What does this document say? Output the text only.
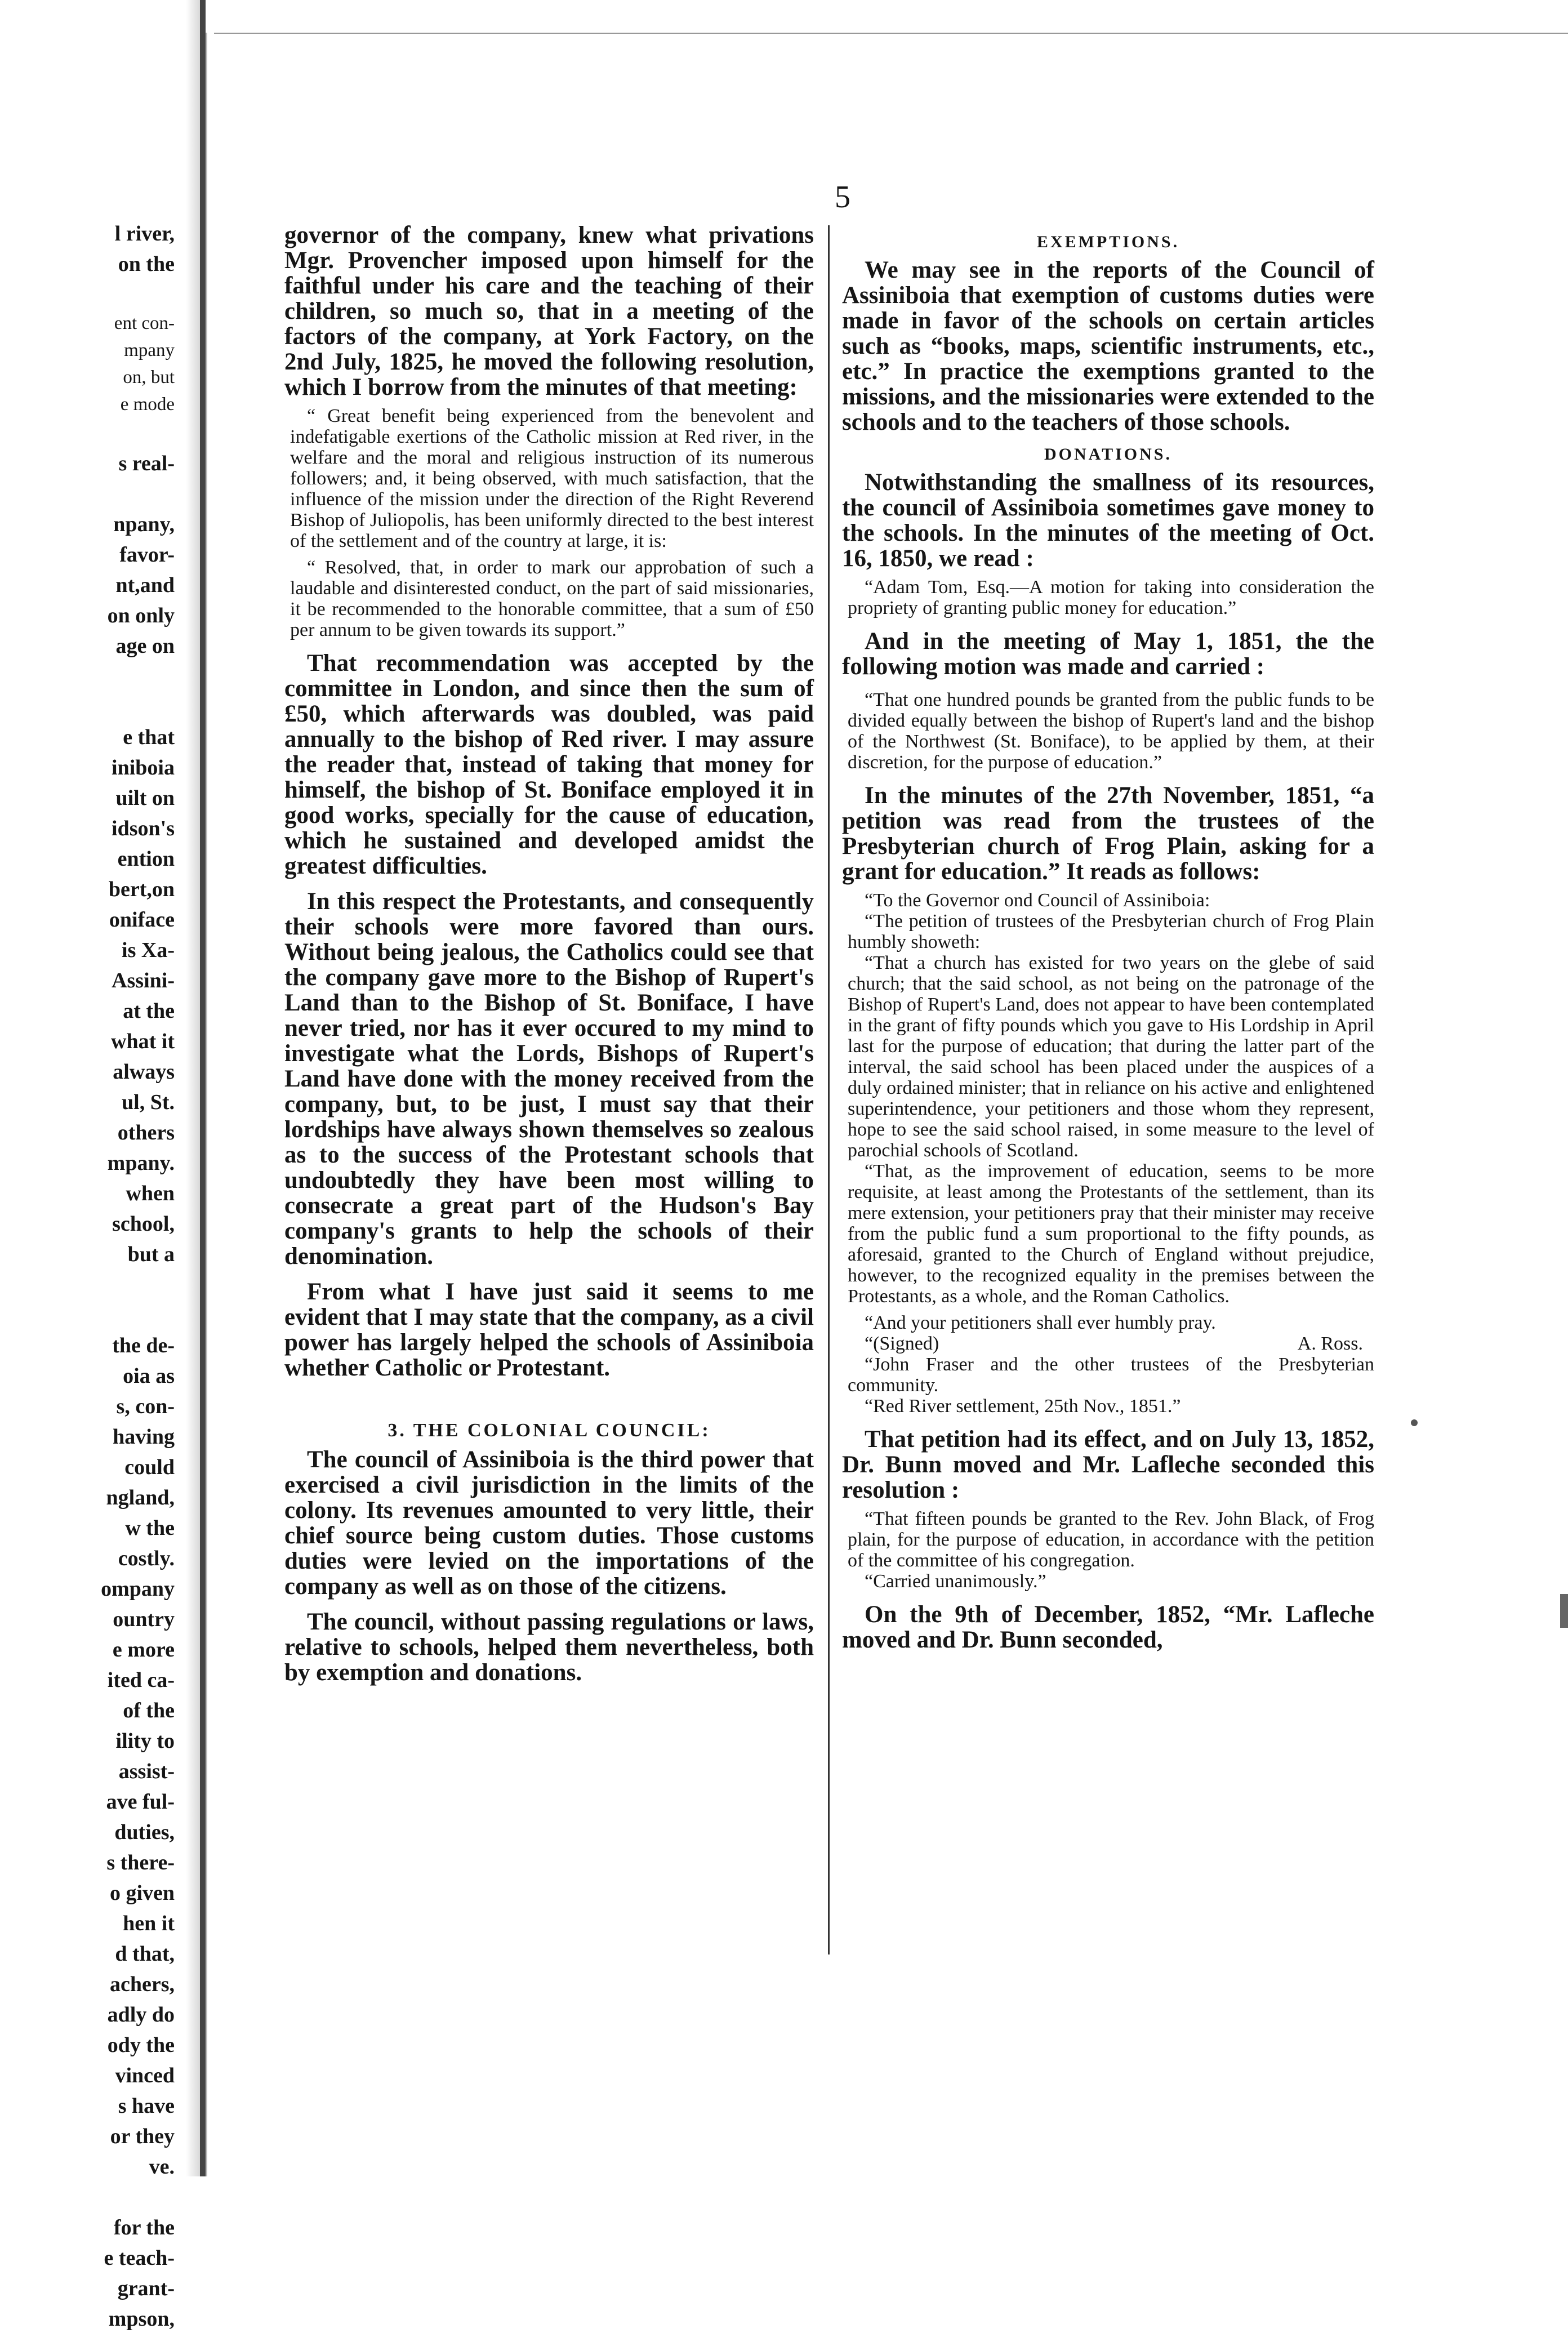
l river,
on the
ent con-
mpany
on, but
e mode
s real-
npany,
favor-
nt,and
on only
age on
e that
iniboia
uilt on
idson's
ention
bert,on
oniface
is Xa-
Assini-
at the
what it
always
ul, St.
others
mpany.
when
school,
but a
the de-
oia as
s, con-
having
could
ngland,
w the
costly.
ompany
ountry
e more
ited ca-
of the
ility to
assist-
ave ful-
duties,
s there-
o given
hen it
d that,
achers,
adly do
ody the
vinced
s have
or they
ve.
for the
e teach-
grant-
mpson,
5

governor of the company, knew what privations Mgr. Provencher imposed upon himself for the faithful under his care and the teaching of their children, so much so, that in a meeting of the factors of the company, at York Factory, on the 2nd July, 1825, he moved the following resolution, which I borrow from the minutes of that meeting:

“ Great benefit being experienced from the benevolent and indefatigable exertions of the Catholic mission at Red river, in the welfare and the moral and religious instruction of its numerous followers; and, it being observed, with much satisfaction, that the influence of the mission under the direction of the Right Reverend Bishop of Juliopolis, has been uniformly directed to the best interest of the settlement and of the country at large, it is:

“ Resolved, that, in order to mark our approbation of such a laudable and disinterested conduct, on the part of said missionaries, it be recommended to the honorable committee, that a sum of £50 per annum to be given towards its support.”

That recommendation was accepted by the committee in London, and since then the sum of £50, which afterwards was doubled, was paid annually to the bishop of Red river. I may assure the reader that, instead of taking that money for himself, the bishop of St. Boniface employed it in good works, specially for the cause of education, which he sustained and developed amidst the greatest difficulties.

In this respect the Protestants, and consequently their schools were more favored than ours. Without being jealous, the Catholics could see that the company gave more to the Bishop of Rupert's Land than to the Bishop of St. Boniface, I have never tried, nor has it ever occured to my mind to investigate what the Lords, Bishops of Rupert's Land have done with the money received from the company, but, to be just, I must say that their lordships have always shown themselves so zealous as to the success of the Protestant schools that undoubtedly they have been most willing to consecrate a great part of the Hudson's Bay company's grants to help the schools of their denomination.

From what I have just said it seems to me evident that I may state that the company, as a civil power has largely helped the schools of Assiniboia whether Catholic or Protestant.

3. THE COLONIAL COUNCIL:

The council of Assiniboia is the third power that exercised a civil jurisdiction in the limits of the colony. Its revenues amounted to very little, their chief source being custom duties. Those customs duties were levied on the importations of the company as well as on those of the citizens.

The council, without passing regulations or laws, relative to schools, helped them nevertheless, both by exemption and donations.

EXEMPTIONS.

We may see in the reports of the Council of Assiniboia that exemption of customs duties were made in favor of the schools on certain articles such as “books, maps, scientific instruments, etc., etc.” In practice the exemptions granted to the missions, and the missionaries were extended to the schools and to the teachers of those schools.

DONATIONS.

Notwithstanding the smallness of its resources, the council of Assiniboia sometimes gave money to the schools. In the minutes of the meeting of Oct. 16, 1850, we read :

“Adam Tom, Esq.—A motion for taking into consideration the propriety of granting public money for education.”

And in the meeting of May 1, 1851, the the following motion was made and carried :

“That one hundred pounds be granted from the public funds to be divided equally between the bishop of Rupert's land and the bishop of the Northwest (St. Boniface), to be applied by them, at their discretion, for the purpose of education.”

In the minutes of the 27th November, 1851, “a petition was read from the trustees of the Presbyterian church of Frog Plain, asking for a grant for education.” It reads as follows:

“To the Governor ond Council of Assiniboia:

“The petition of trustees of the Presbyterian church of Frog Plain humbly showeth:

“That a church has existed for two years on the glebe of said church; that the said school, as not being on the patronage of the Bishop of Rupert's Land, does not appear to have been contemplated in the grant of fifty pounds which you gave to His Lordship in April last for the purpose of education; that during the latter part of the interval, the said school has been placed under the auspices of a duly ordained minister; that in reliance on his active and enlightened superintendence, your petitioners and those whom they represent, hope to see the said school raised, in some measure to the level of parochial schools of Scotland.

“That, as the improvement of education, seems to be more requisite, at least among the Protestants of the settlement, than its mere extension, your petitioners pray that their minister may receive from the public fund a sum proportional to the fifty pounds, as aforesaid, granted to the Church of England without prejudice, however, to the recognized equality in the premises between the Protestants, as a whole, and the Roman Catholics.

“And your petitioners shall ever humbly pray.

“(Signed)	A. Ross.

“John Fraser and the other trustees of the Presbyterian community.

“Red River settlement, 25th Nov., 1851.”

That petition had its effect, and on July 13, 1852, Dr. Bunn moved and Mr. Lafleche seconded this resolution :

“That fifteen pounds be granted to the Rev. John Black, of Frog plain, for the purpose of education, in accordance with the petition of the committee of his congregation.

“Carried unanimously.”

On the 9th of December, 1852, “Mr. Lafleche moved and Dr. Bunn seconded,
